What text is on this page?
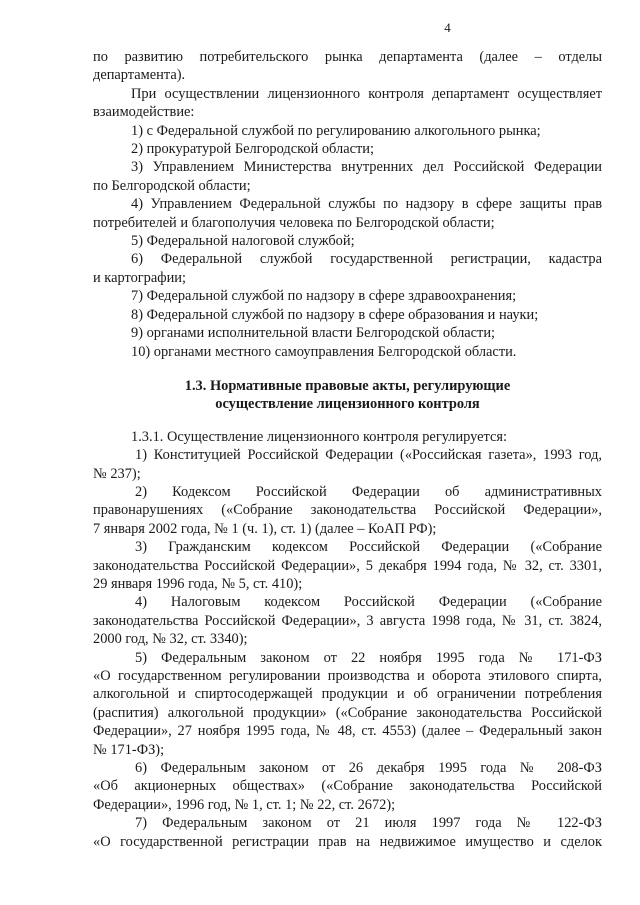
4

по развитию потребительского рынка департамента (далее – отделы

департамента).

При осуществлении лицензионного контроля департамент осуществляет

взаимодействие:

1) с Федеральной службой по регулированию алкогольного рынка;

2) прокуратурой Белгородской области;

3) Управлением Министерства внутренних дел Российской Федерации

по Белгородской области;

4) Управлением Федеральной службы по надзору в сфере защиты прав

потребителей и благополучия человека по Белгородской области;

5) Федеральной налоговой службой;

6) Федеральной службой государственной регистрации, кадастра

и картографии;

7) Федеральной службой по надзору в сфере здравоохранения;

8) Федеральной службой по надзору в сфере образования и науки;

9) органами исполнительной власти Белгородской области;

10) органами местного самоуправления Белгородской области.

1.3. Нормативные правовые акты, регулирующие

осуществление лицензионного контроля

1.3.1. Осуществление лицензионного контроля регулируется:

1) Конституцией Российской Федерации («Российская газета», 1993 год,

№ 237);

2) Кодексом Российской Федерации об административных

правонарушениях («Собрание законодательства Российской Федерации»,

7 января 2002 года, № 1 (ч. 1), ст. 1) (далее – КоАП РФ);

3) Гражданским кодексом Российской Федерации («Собрание

законодательства Российской Федерации», 5 декабря 1994 года, № 32, ст. 3301,

29 января 1996 года, № 5, ст. 410);

4) Налоговым кодексом Российской Федерации («Собрание

законодательства Российской Федерации», 3 августа 1998 года, № 31, ст. 3824,

2000 год, № 32, ст. 3340);

5) Федеральным законом от 22 ноября 1995 года № 171-ФЗ

«О государственном регулировании производства и оборота этилового спирта,

алкогольной и спиртосодержащей продукции и об ограничении потребления

(распития) алкогольной продукции» («Собрание законодательства Российской

Федерации», 27 ноября 1995 года, № 48, ст. 4553) (далее – Федеральный закон

№ 171-ФЗ);

6) Федеральным законом от 26 декабря 1995 года № 208-ФЗ

«Об акционерных обществах» («Собрание законодательства Российской

Федерации», 1996 год, № 1, ст. 1; № 22, ст. 2672);

7) Федеральным законом от 21 июля 1997 года № 122-ФЗ

«О государственной регистрации прав на недвижимое имущество и сделок
